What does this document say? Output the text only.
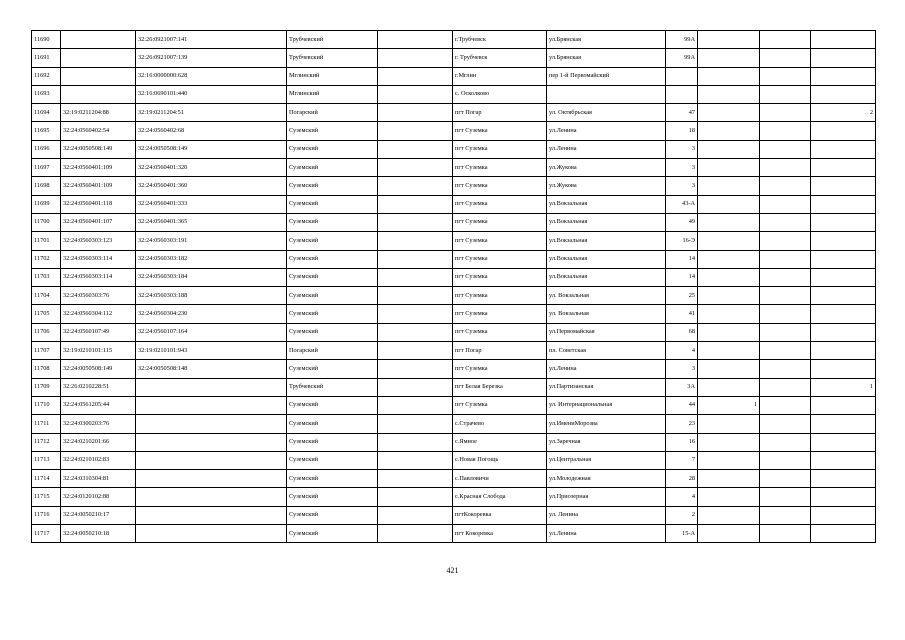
11690		32:26:0921007:141	Трубчевский		г.Трубчевск	ул.Брянская	99А			
11691		32:26:0921007:139	Трубчевский		г. Трубчевск	ул.Брянская	99А			
11692		32:16:0000000:628	Мглинский		г.Мглин	пер 1-й Первомайский				
11693		32:16:0690101:440	Мглинский		с. Осколково					
11694	32:19:0211204:88	32:19:0211204:51	Погарский		пгт Погар	ул. Октябрьская	47			2
11695	32:24:0560402:54	32:24:0560402:68	Суземский		пгт Суземка	ул.Ленина	18			
11696	32:24:0050508:149	32:24:0050508:149	Суземский		пгт Суземка	ул.Ленина	3			
11697	32:24:0560401:109	32:24:0560401:320	Суземский		пгт Суземка	ул.Жукова	3			
11698	32:24:0560401:109	32:24:0560401:360	Суземский		пгт Суземка	ул.Жукова	3			
11699	32:24:0560401:118	32:24:0560401:333	Суземский		пгт Суземка	ул.Вокзальная	43-А			
11700	32:24:0560401:107	32:24:0560401:365	Суземский		пгт Суземка	ул.Вокзальная	49			
11701	32:24:0560303:123	32:24:0560303:191	Суземский		пгт Суземка	ул.Вокзальная	16-Э			
11702	32:24:0560303:114	32:24:0560303:182	Суземский		пгт Суземка	ул.Вокзальная	14			
11703	32:24:0560303:114	32:24:0560303:184	Суземский		пгт Суземка	ул.Вокзальная	14			
11704	32:24:0560303:76	32:24:0560303:188	Суземский		пгт Суземка	ул. Вокзальная	25			
11705	32:24:0560304:112	32:24:0560304:230	Суземский		пгт Суземка	ул. Вокзальная	41			
11706	32:24:0560107:49	32:24:0560107:164	Суземский		пгт Суземка	ул.Первомайская	68			
11707	32:19:0210101:115	32:19:0210101:943	Погарский		пгт Погар	пл. Советская	4			
11708	32:24:0050508:149	32:24:0050508:148	Суземский		пгт Суземка	ул.Ленина	3			
11709	32:26:0210228:51		Трубчевский		пгт Белая Березка	ул.Партизанская	3А			1
11710	32:24:0561205:44		Суземский		пгт Суземка	ул. Интернациональная	44	1		
11711	32:24:0300203:76		Суземский		с.Страчево	ул.ИмениМорозва	23			
11712	32:24:0210201:66		Суземский		с.Ямное	ул.Заречная	16			
11713	32:24:0210102:83		Суземский		с.Новая Погощь	ул.Центральная	7			
11714	32:24:0310304:81		Суземский		с.Павловичи	ул.Молодежная	28			
11715	32:24:0120102:88		Суземский		с.Красная Слобода	ул.Приозерная	4			
11716	32:24:0050210:17		Суземский		пгтКокоревка	ул. Ленина	2			
11717	32:24:0050210:18		Суземский		пгт Кокоревка	ул.Ленина	15-А			
421
